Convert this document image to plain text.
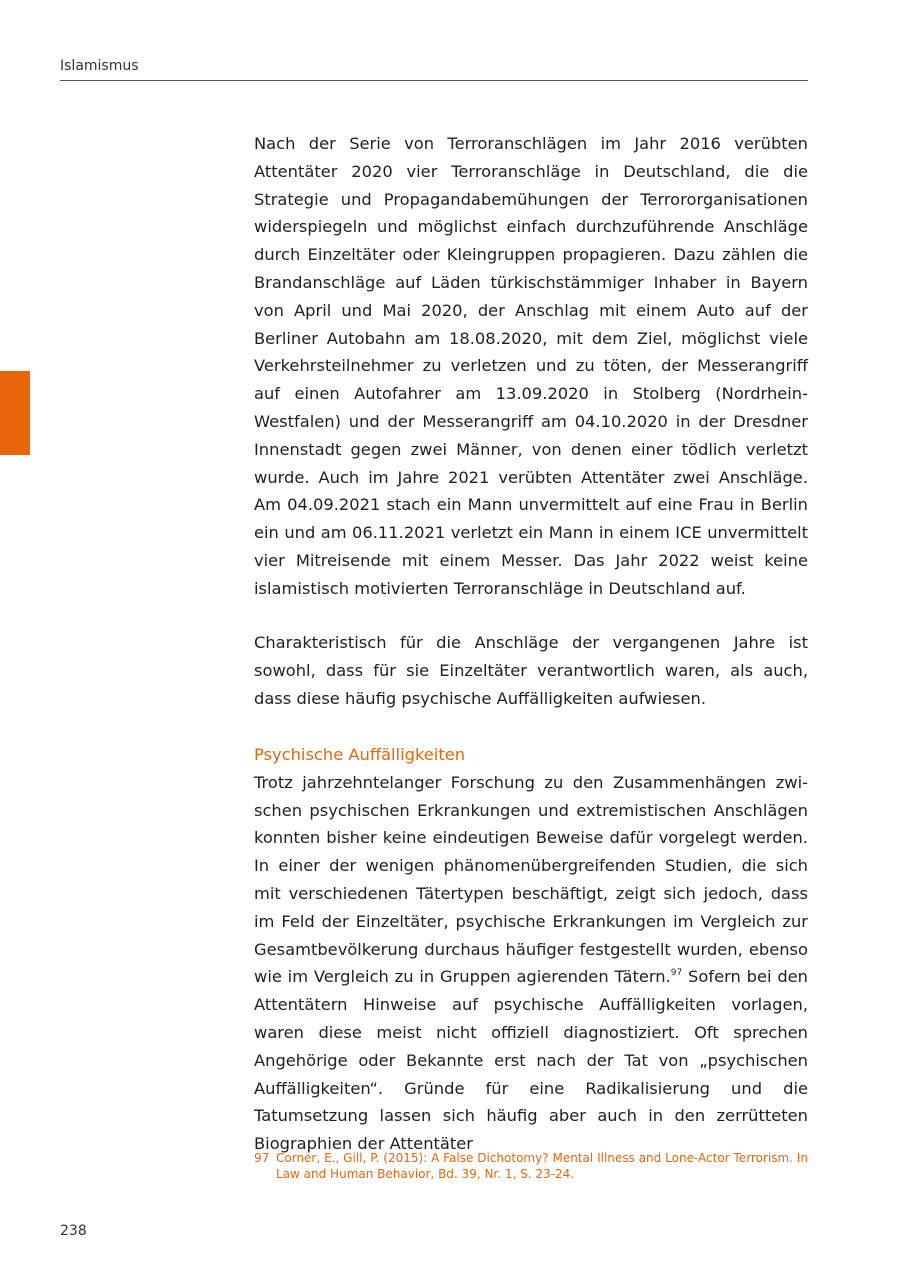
Islamismus

Nach der Serie von Terroranschlägen im Jahr 2016 verübten Attentäter 2020 vier Terroranschläge in Deutschland, die die Strategie und Propagandabemühungen der Terrororganisationen widerspiegeln und möglichst einfach durchzuführende Anschläge durch Einzeltäter oder Kleingruppen propagieren. Dazu zählen die Brandanschläge auf Läden türkischstämmiger Inhaber in Bayern von April und Mai 2020, der Anschlag mit einem Auto auf der Berliner Autobahn am 18.08.2020, mit dem Ziel, möglichst viele Verkehrsteilnehmer zu verletzen und zu töten, der Messerangriff auf einen Autofahrer am 13.09.2020 in Stolberg (Nordrhein-Westfalen) und der Messerangriff am 04.10.2020 in der Dresdner Innenstadt gegen zwei Männer, von denen einer tödlich verletzt wurde. Auch im Jahre 2021 verübten Attentäter zwei Anschläge. Am 04.09.2021 stach ein Mann unvermittelt auf eine Frau in Berlin ein und am 06.11.2021 verletzt ein Mann in einem ICE unvermittelt vier Mitreisende mit einem Messer. Das Jahr 2022 weist keine islamistisch motivierten Terroranschläge in Deutschland auf.

Charakteristisch für die Anschläge der vergangenen Jahre ist sowohl, dass für sie Einzeltäter verantwortlich waren, als auch, dass diese häufig psychische Auffälligkeiten aufwiesen.

Psychische Auffälligkeiten

Trotz jahrzehntelanger Forschung zu den Zusammenhängen zwischen psychischen Erkrankungen und extremistischen Anschlägen konnten bisher keine eindeutigen Beweise dafür vorgelegt werden. In einer der wenigen phänomenübergreifenden Studien, die sich mit verschiedenen Tätertypen beschäftigt, zeigt sich jedoch, dass im Feld der Einzeltäter, psychische Erkrankungen im Vergleich zur Gesamtbevölkerung durchaus häufiger festgestellt wurden, ebenso wie im Vergleich zu in Gruppen agierenden Tätern.$^{97}$ Sofern bei den Attentätern Hinweise auf psychische Auffälligkeiten vorlagen, waren diese meist nicht offiziell diagnostiziert. Oft sprechen Angehörige oder Bekannte erst nach der Tat von „psychischen Auffälligkeiten“. Gründe für eine Radikalisierung und die Tatumsetzung lassen sich häufig aber auch in den zerrütteten Biographien der Attentäter

97 Corner, E., Gill, P. (2015): A False Dichotomy? Mental Illness and Lone-Actor Terrorism. In Law and Human Behavior, Bd. 39, Nr. 1, S. 23-24.
238
